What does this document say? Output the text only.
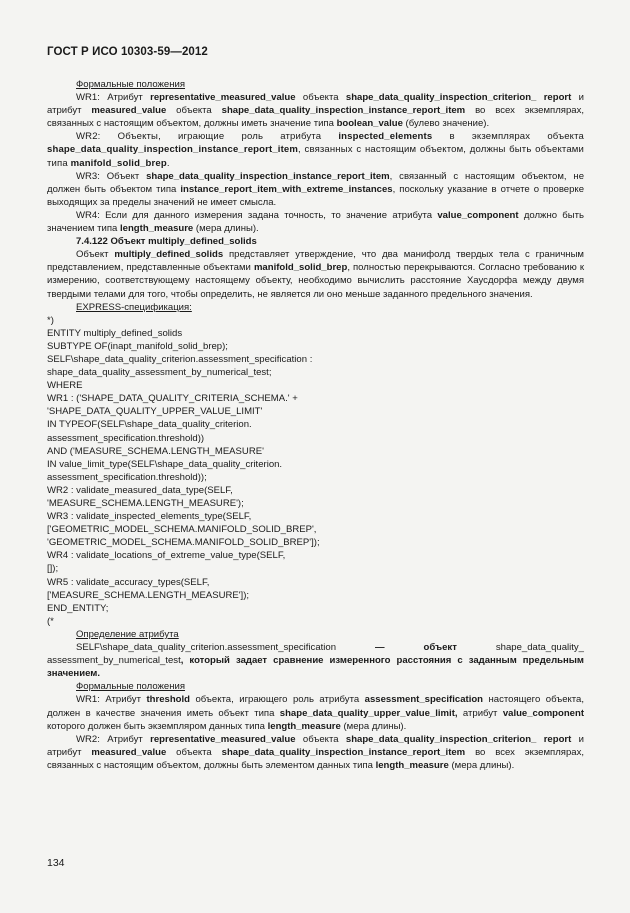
ГОСТ Р ИСО 10303-59—2012

Формальные положения

WR1: Атрибут representative_measured_value объекта shape_data_quality_inspection_criterion_ report и атрибут measured_value объекта shape_data_quality_inspection_instance_report_item во всех экземплярах, связанных с настоящим объектом, должны иметь значение типа boolean_value (булево значение).

WR2: Объекты, играющие роль атрибута inspected_elements в экземплярах объекта shape_data_quality_inspection_instance_report_item, связанных с настоящим объектом, должны быть объектами типа manifold_solid_brep.

WR3: Объект shape_data_quality_inspection_instance_report_item, связанный с настоящим объектом, не должен быть объектом типа instance_report_item_with_extreme_instances, поскольку указание в отчете о проверке выходящих за пределы значений не имеет смысла.

WR4: Если для данного измерения задана точность, то значение атрибута value_component должно быть значением типа length_measure (мера длины).

7.4.122 Объект multiply_defined_solids

Объект multiply_defined_solids представляет утверждение, что два манифолд твердых тела с граничным представлением, представленные объектами manifold_solid_brep, полностью перекрываются. Согласно требованию к измерению, соответствующему настоящему объекту, необходимо вычислить расстояние Хаусдорфа между двумя твердыми телами для того, чтобы определить, не является ли оно меньше заданного предельного значения.

EXPRESS-спецификация:

*)
ENTITY multiply_defined_solids
SUBTYPE OF(inapt_manifold_solid_brep);
SELF\shape_data_quality_criterion.assessment_specification :
shape_data_quality_assessment_by_numerical_test;
WHERE
WR1 : ('SHAPE_DATA_QUALITY_CRITERIA_SCHEMA.' +
'SHAPE_DATA_QUALITY_UPPER_VALUE_LIMIT'
IN TYPEOF(SELF\shape_data_quality_criterion.
assessment_specification.threshold))
AND ('MEASURE_SCHEMA.LENGTH_MEASURE'
IN value_limit_type(SELF\shape_data_quality_criterion.
assessment_specification.threshold));
WR2 : validate_measured_data_type(SELF,
'MEASURE_SCHEMA.LENGTH_MEASURE');
WR3 : validate_inspected_elements_type(SELF,
['GEOMETRIC_MODEL_SCHEMA.MANIFOLD_SOLID_BREP',
'GEOMETRIC_MODEL_SCHEMA.MANIFOLD_SOLID_BREP']);
WR4 : validate_locations_of_extreme_value_type(SELF,
[]);
WR5 : validate_accuracy_types(SELF,
['MEASURE_SCHEMA.LENGTH_MEASURE']);
END_ENTITY;
(*

Определение атрибута

SELF\shape_data_quality_criterion.assessment_specification — объект shape_data_quality_ assessment_by_numerical_test, который задает сравнение измеренного расстояния с заданным предельным значением.

Формальные положения

WR1: Атрибут threshold объекта, играющего роль атрибута assessment_specification настоящего объекта, должен в качестве значения иметь объект типа shape_data_quality_upper_value_limit, атрибут value_component которого должен быть экземпляром данных типа length_measure (мера длины).

WR2: Атрибут representative_measured_value объекта shape_data_quality_inspection_criterion_ report и атрибут measured_value объекта shape_data_quality_inspection_instance_report_item во всех экземплярах, связанных с настоящим объектом, должны быть элементом данных типа length_measure (мера длины).

134
